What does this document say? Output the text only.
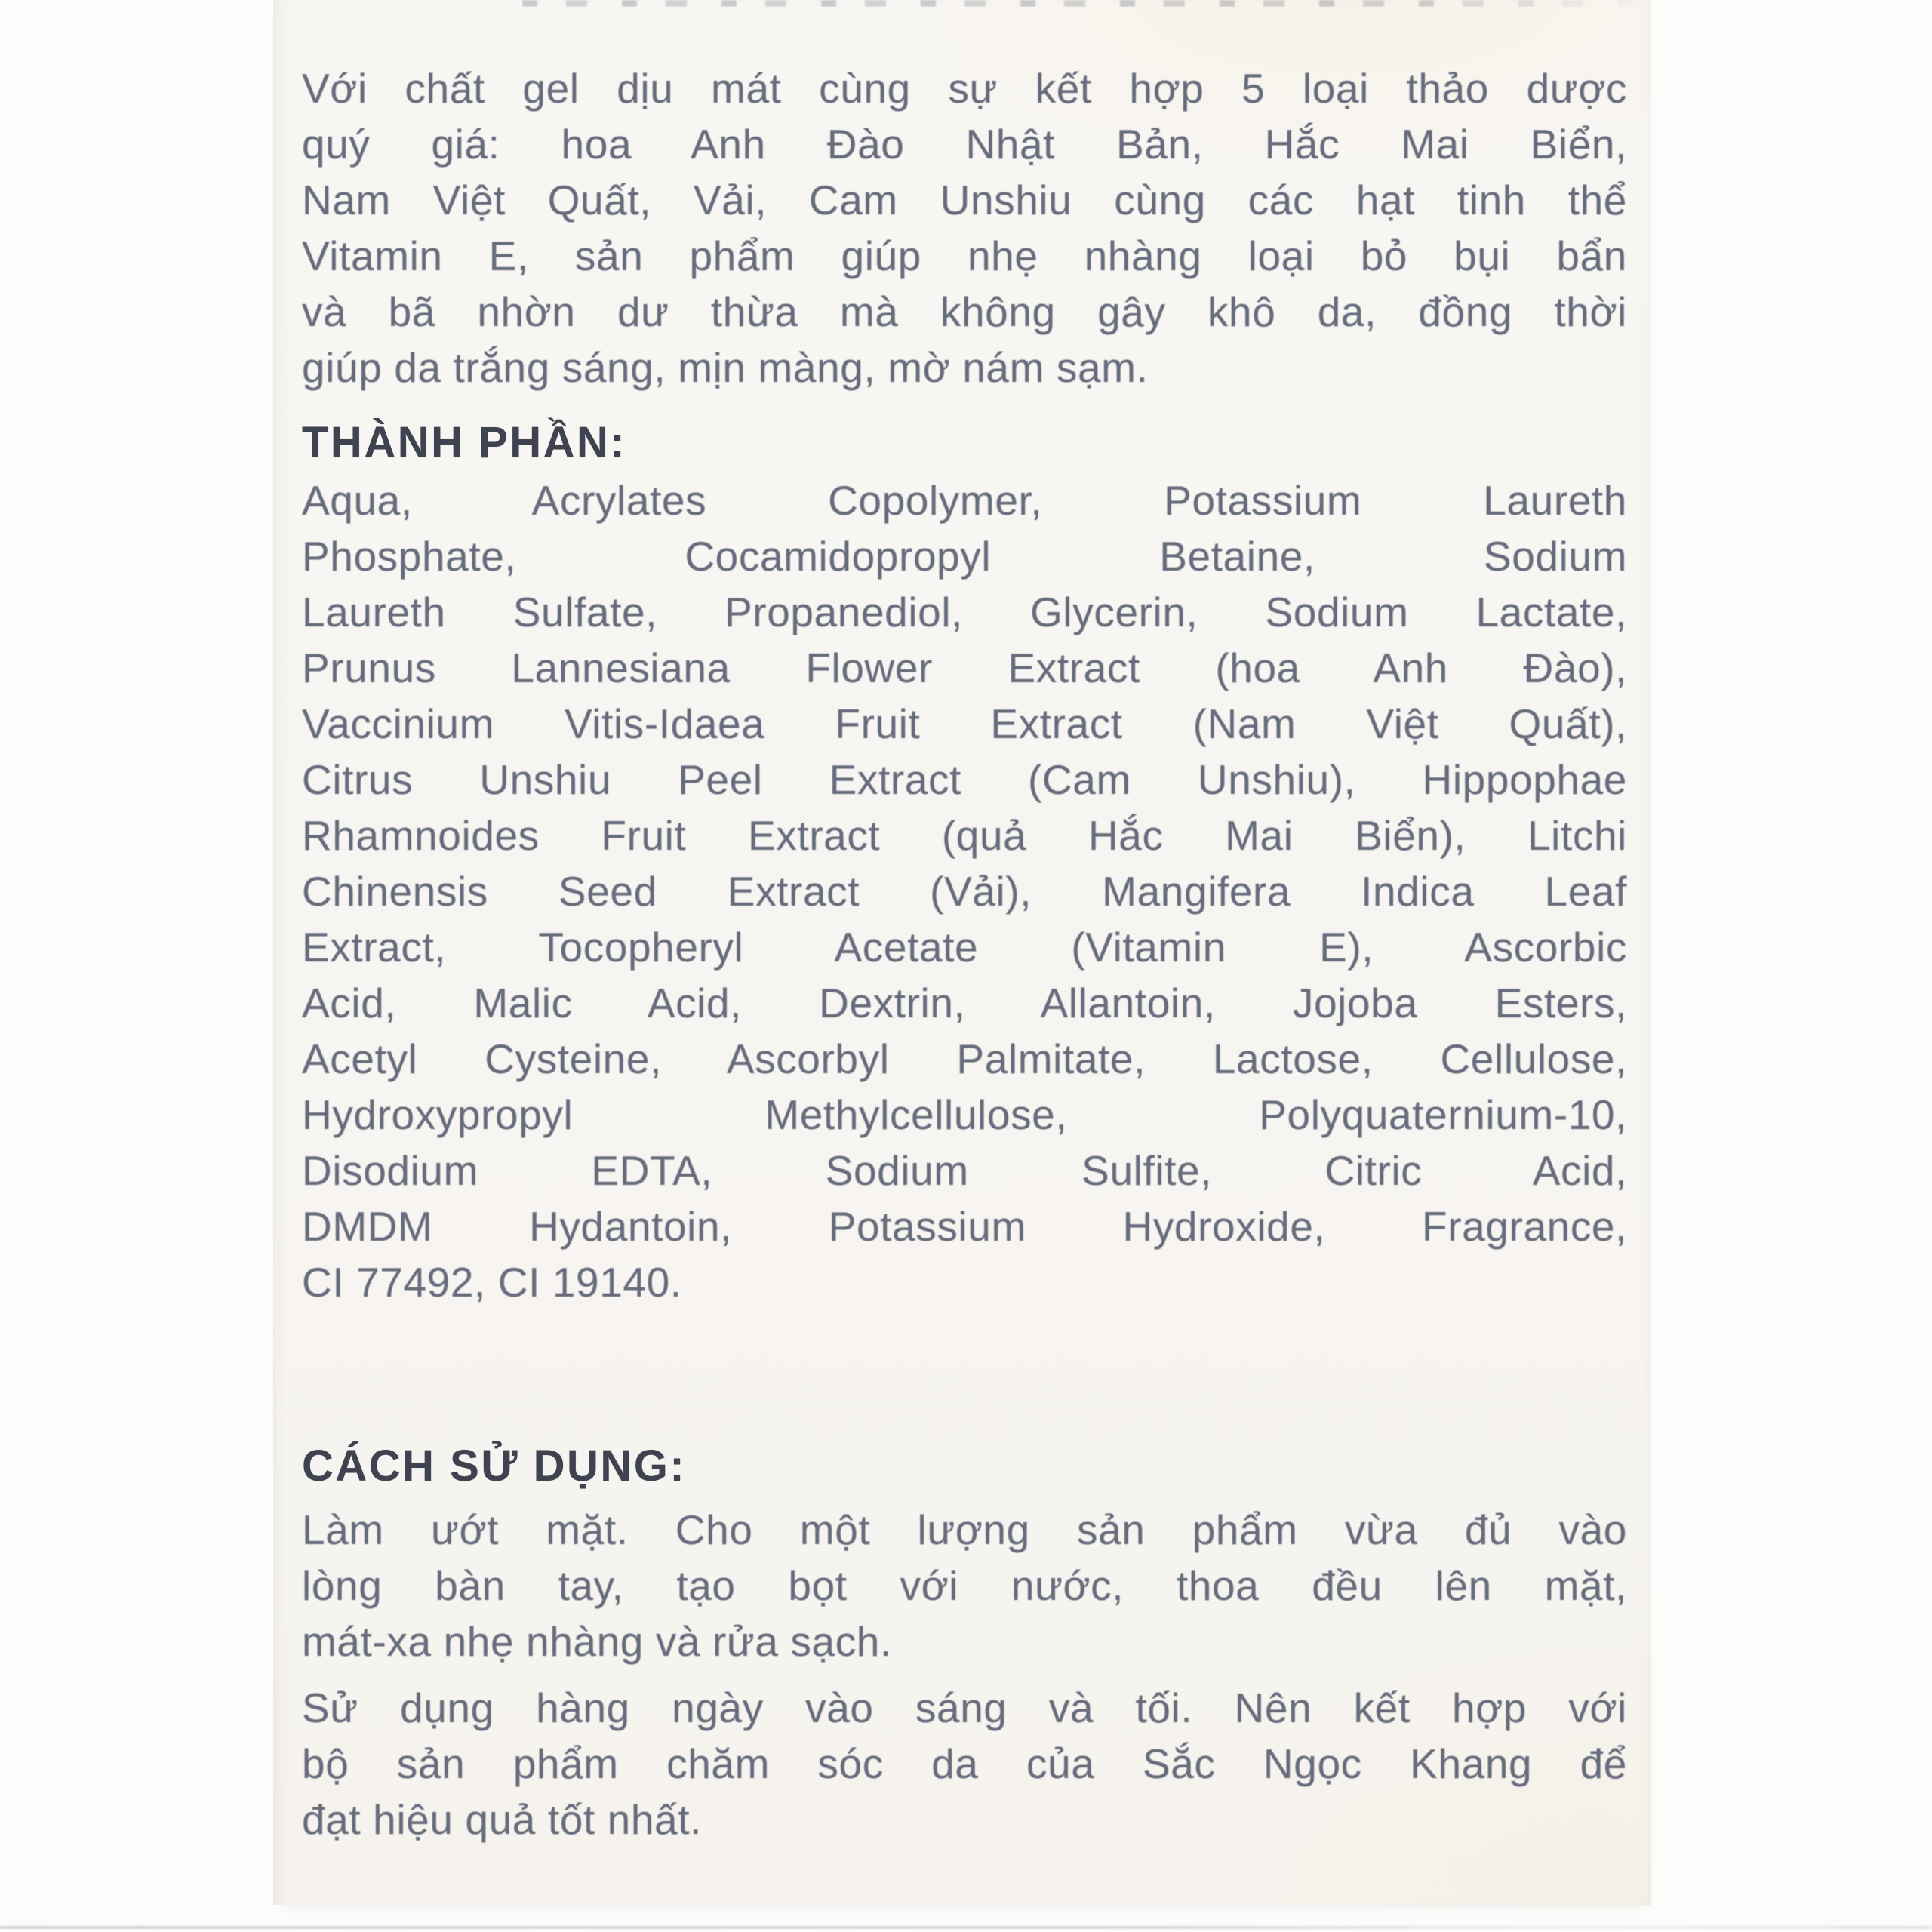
Với chất gel dịu mát cùng sự kết hợp 5 loại thảo dược
quý giá: hoa Anh Đào Nhật Bản, Hắc Mai Biển,
Nam Việt Quất, Vải, Cam Unshiu cùng các hạt tinh thể
Vitamin E, sản phẩm giúp nhẹ nhàng loại bỏ bụi bẩn
và bã nhờn dư thừa mà không gây khô da, đồng thời
giúp da trắng sáng, mịn màng, mờ nám sạm.
THÀNH PHẦN:
Aqua, Acrylates Copolymer, Potassium Laureth
Phosphate, Cocamidopropyl Betaine, Sodium
Laureth Sulfate, Propanediol, Glycerin, Sodium Lactate,
Prunus Lannesiana Flower Extract (hoa Anh Đào),
Vaccinium Vitis-Idaea Fruit Extract (Nam Việt Quất),
Citrus Unshiu Peel Extract (Cam Unshiu), Hippophae
Rhamnoides Fruit Extract (quả Hắc Mai Biển), Litchi
Chinensis Seed Extract (Vải), Mangifera Indica Leaf
Extract, Tocopheryl Acetate (Vitamin E), Ascorbic
Acid, Malic Acid, Dextrin, Allantoin, Jojoba Esters,
Acetyl Cysteine, Ascorbyl Palmitate, Lactose, Cellulose,
Hydroxypropyl Methylcellulose, Polyquaternium-10,
Disodium EDTA, Sodium Sulfite, Citric Acid,
DMDM Hydantoin, Potassium Hydroxide, Fragrance,
CI 77492, CI 19140.
CÁCH SỬ DỤNG:
Làm ướt mặt. Cho một lượng sản phẩm vừa đủ vào
lòng bàn tay, tạo bọt với nước, thoa đều lên mặt,
mát-xa nhẹ nhàng và rửa sạch.
Sử dụng hàng ngày vào sáng và tối. Nên kết hợp với
bộ sản phẩm chăm sóc da của Sắc Ngọc Khang để
đạt hiệu quả tốt nhất.
